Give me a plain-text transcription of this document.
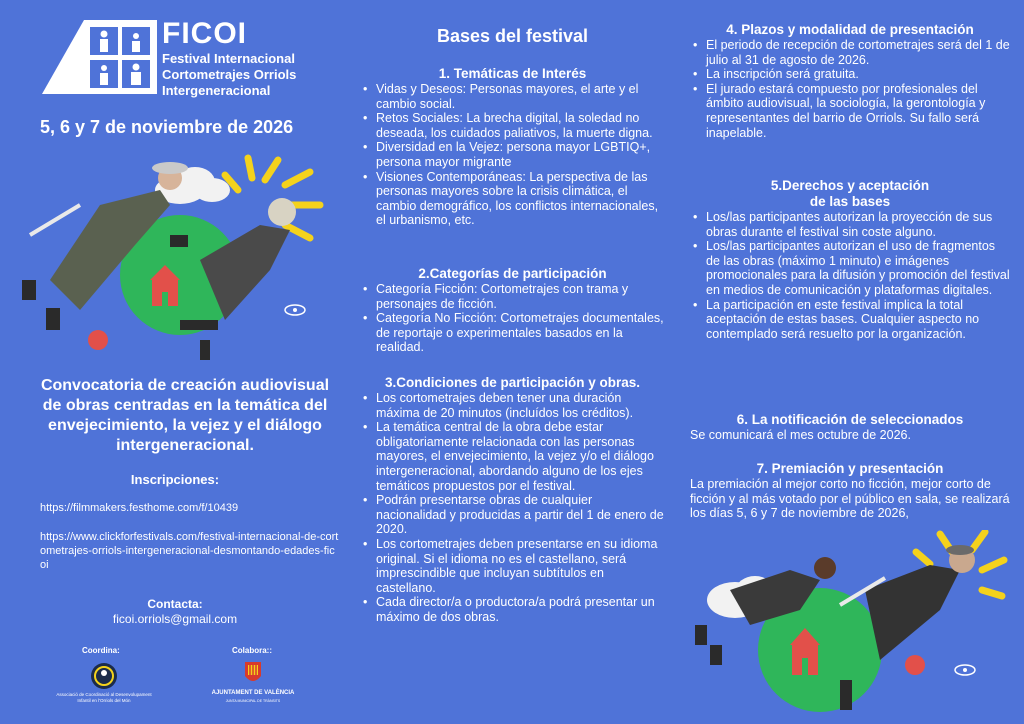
FICOI
Festival Internacional
Cortometrajes Orriols
Intergeneracional
5, 6 y 7 de noviembre de 2026
Convocatoria de creación audiovisual de obras centradas en la temática del envejecimiento, la vejez y el diálogo intergeneracional.
Inscripciones:
https://filmmakers.festhome.com/f/10439
https://www.clickforfestivals.com/festival-internacional-de-cortometrajes-orriols-intergeneracional-desmontando-edades-ficoi
Contacta:
ficoi.orriols@gmail.com
Coordina:
Associació de Coordinació al Desenvolupament Infantil en l'Orriols del Món
Colabora::
AJUNTAMENT DE VALÈNCIA
JUNTA MUNICIPAL DE TRÀNSITS
Bases del festival
1. Temáticas de Interés
• Vidas y Deseos: Personas mayores, el arte y el cambio social.
• Retos Sociales: La brecha digital, la soledad no deseada, los cuidados paliativos, la muerte digna.
• Diversidad en la Vejez: persona mayor LGBTIQ+, persona mayor migrante
• Visiones Contemporáneas: La perspectiva de las personas mayores sobre la crisis climática, el cambio demográfico, los conflictos internacionales, el urbanismo, etc.
2.Categorías de participación
• Categoría Ficción: Cortometrajes con trama y personajes de ficción.
• Categoría No Ficción: Cortometrajes documentales, de reportaje o experimentales basados en la realidad.
3.Condiciones de participación y obras.
• Los cortometrajes deben tener una duración máxima de 20 minutos (incluídos los créditos).
• La temática central de la obra debe estar obligatoriamente relacionada con las personas mayores, el envejecimiento, la vejez y/o el diálogo intergeneracional, abordando alguno de los ejes temáticos propuestos por el festival.
• Podrán presentarse obras de cualquier nacionalidad y producidas a partir del 1 de enero de 2020.
• Los cortometrajes deben presentarse en su idioma original. Si el idioma no es el castellano, será imprescindible que incluyan subtítulos en castellano.
• Cada director/a o productora/a podrá presentar un máximo de dos obras.
4. Plazos y modalidad de presentación
• El periodo de recepción de cortometrajes será del 1 de julio al 31 de agosto de 2026.
• La inscripción será gratuita.
• El jurado estará compuesto por profesionales del ámbito audiovisual, la sociología, la gerontología y representantes del barrio de Orriols. Su fallo será inapelable.
5.Derechos y aceptación
de las bases
• Los/las participantes autorizan la proyección de sus obras durante el festival sin coste alguno.
• Los/las participantes autorizan el uso de fragmentos de las obras (máximo 1 minuto) e imágenes promocionales para la difusión y promoción del festival en medios de comunicación y plataformas digitales.
• La participación en este festival implica la total aceptación de estas bases. Cualquier aspecto no contemplado será resuelto por la organización.
6. La notificación de seleccionados
Se comunicará el mes octubre de 2026.
7. Premiación y presentación
La premiación al mejor corto no ficción, mejor corto de ficción y al más votado por el público en sala, se realizará los días 5, 6 y 7 de noviembre de 2026,
